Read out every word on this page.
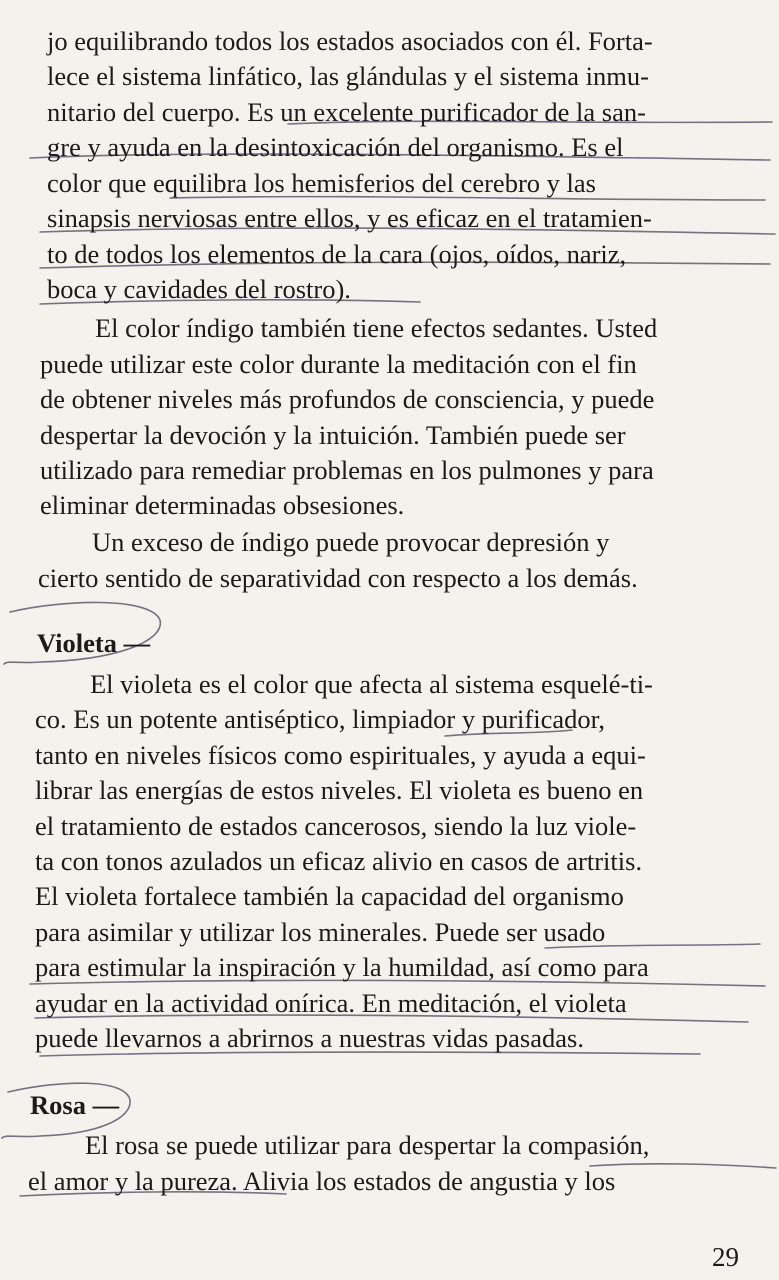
jo equilibrando todos los estados asociados con él. Forta-
lece el sistema linfático, las glándulas y el sistema inmu-
nitario del cuerpo. Es un excelente purificador de la san-
gre y ayuda en la desintoxicación del organismo. Es el
color que equilibra los hemisferios del cerebro y las
sinapsis nerviosas entre ellos, y es eficaz en el tratamien-
to de todos los elementos de la cara (ojos, oídos, nariz,
boca y cavidades del rostro).
El color índigo también tiene efectos sedantes. Usted
puede utilizar este color durante la meditación con el fin
de obtener niveles más profundos de consciencia, y puede
despertar la devoción y la intuición. También puede ser
utilizado para remediar problemas en los pulmones y para
eliminar determinadas obsesiones.
Un exceso de índigo puede provocar depresión y
cierto sentido de separatividad con respecto a los demás.
Violeta —
El violeta es el color que afecta al sistema esquelé-ti-
co. Es un potente antiséptico, limpiador y purificador,
tanto en niveles físicos como espirituales, y ayuda a equi-
librar las energías de estos niveles. El violeta es bueno en
el tratamiento de estados cancerosos, siendo la luz viole-
ta con tonos azulados un eficaz alivio en casos de artritis.
El violeta fortalece también la capacidad del organismo
para asimilar y utilizar los minerales. Puede ser usado
para estimular la inspiración y la humildad, así como para
ayudar en la actividad onírica. En meditación, el violeta
puede llevarnos a abrirnos a nuestras vidas pasadas.
Rosa —
El rosa se puede utilizar para despertar la compasión,
el amor y la pureza. Alivia los estados de angustia y los
29
